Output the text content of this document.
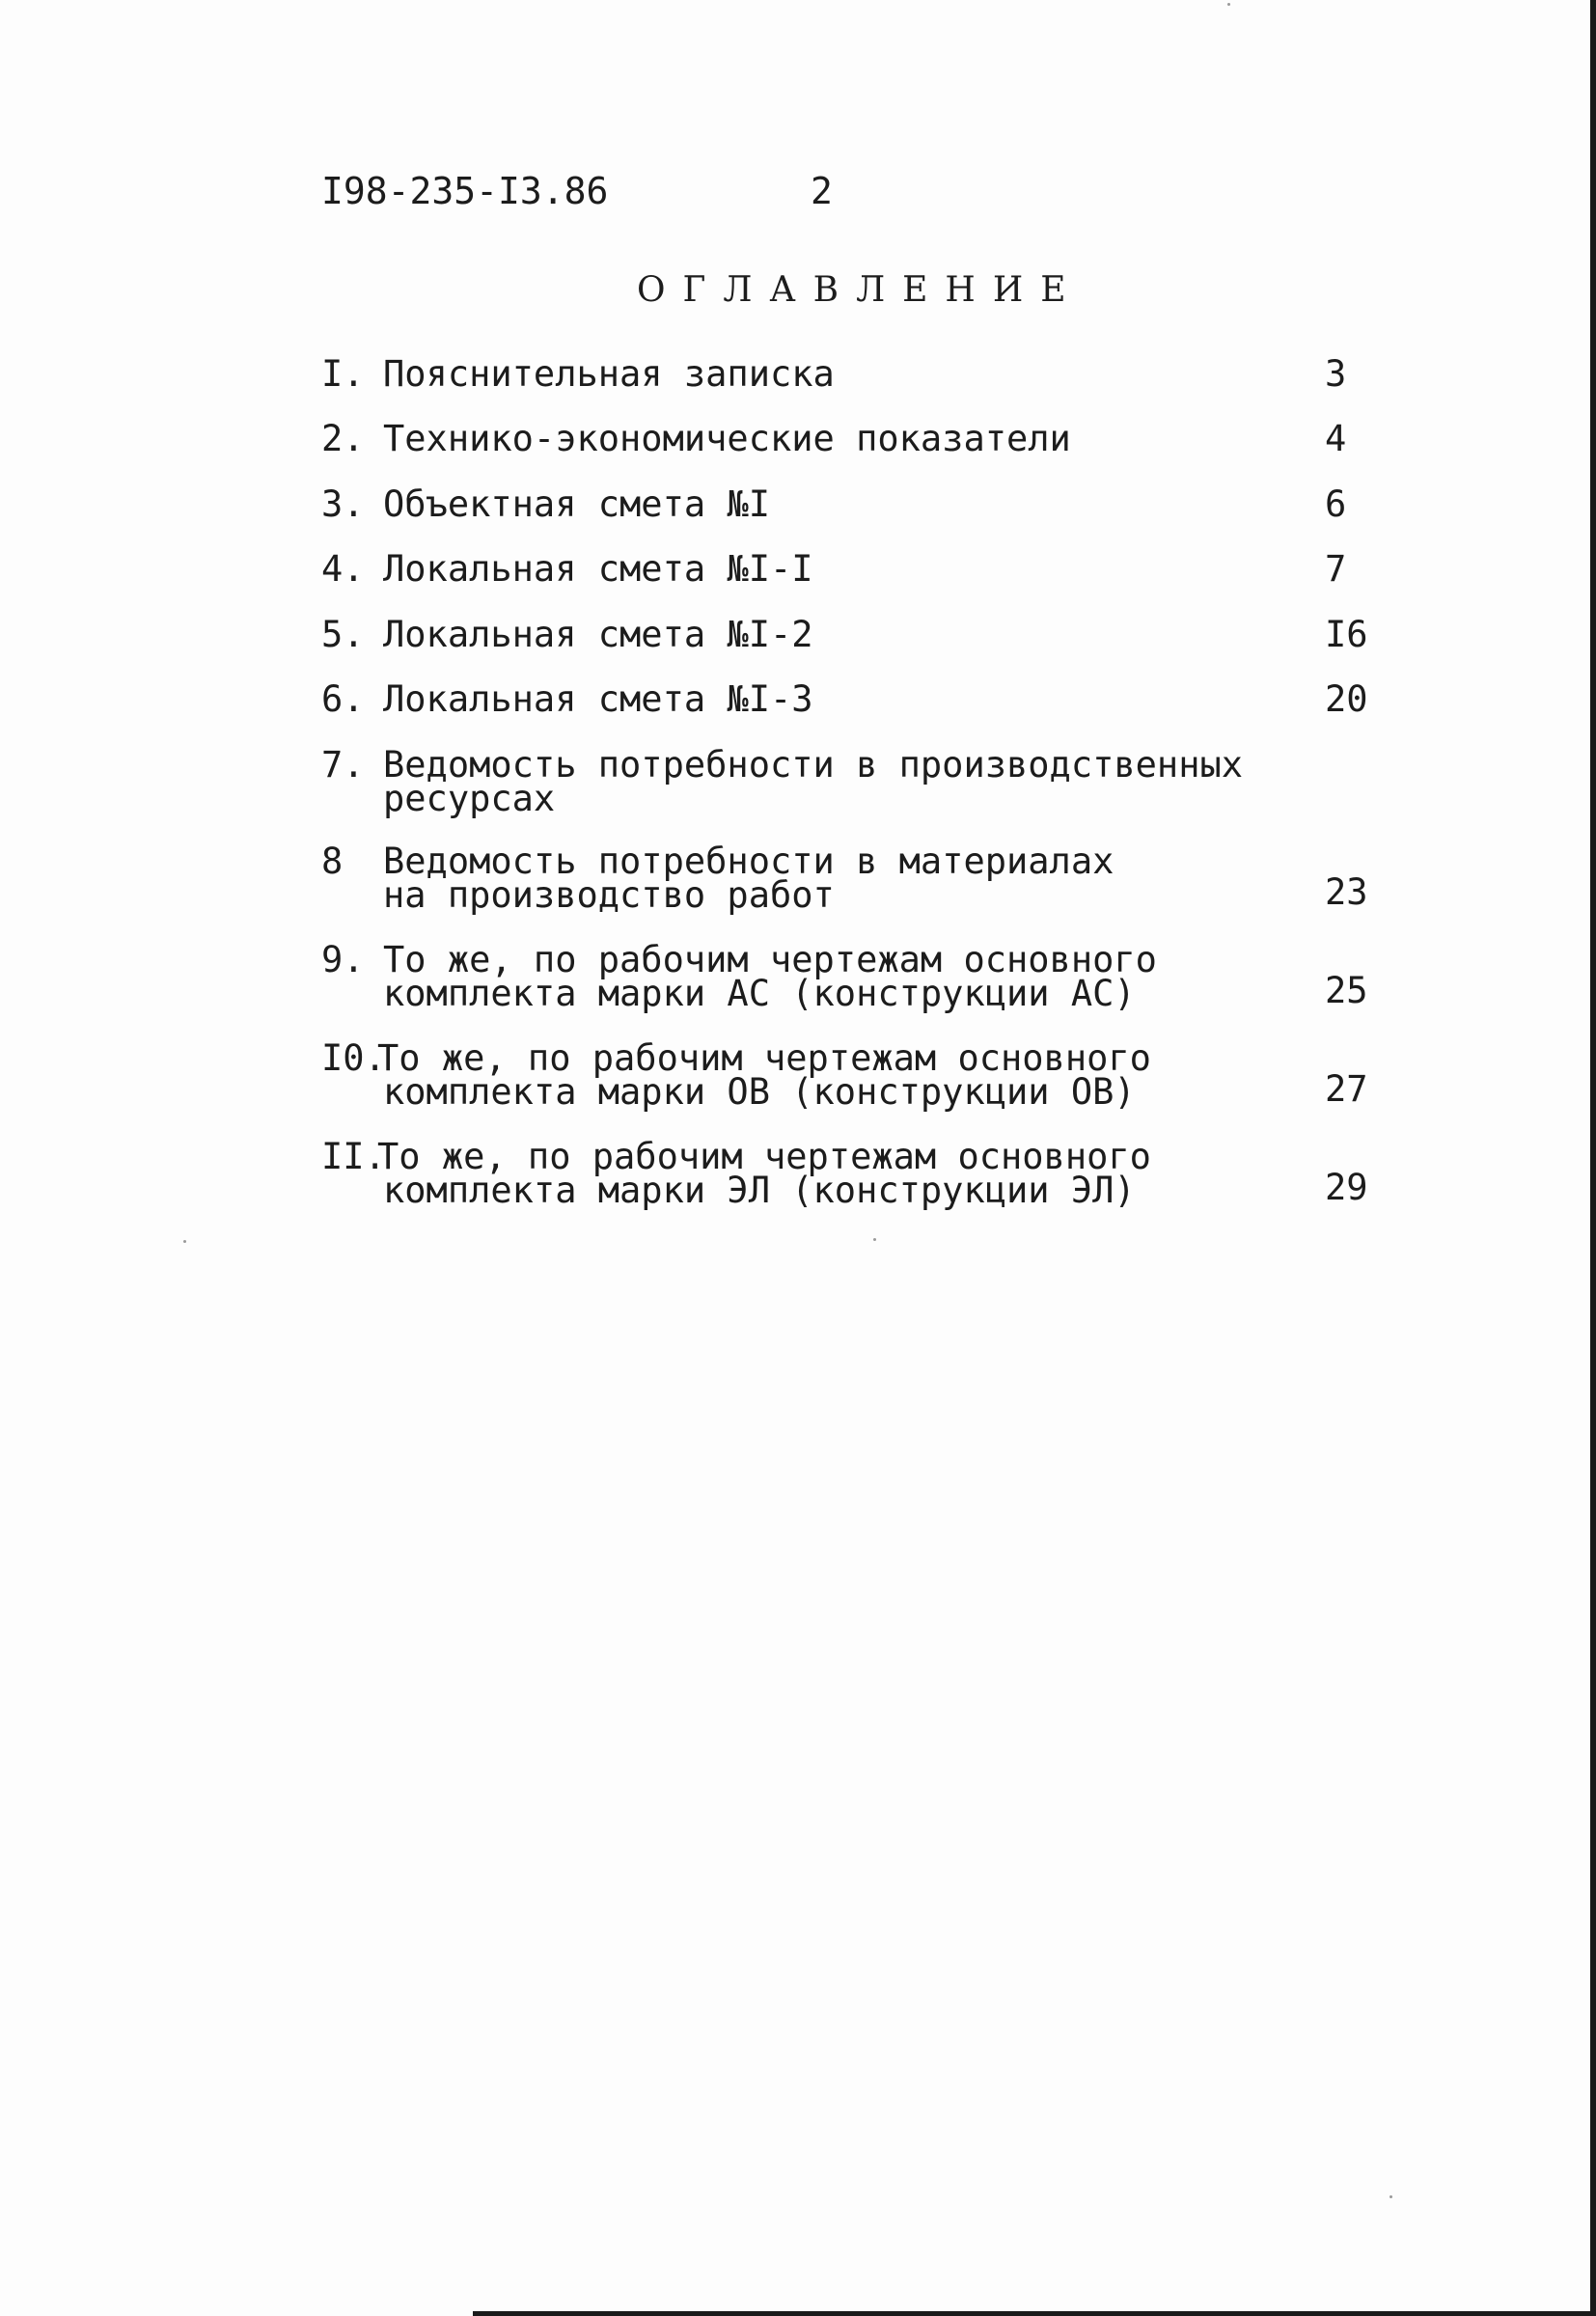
I98-235-I3.86	2
ОГЛАВЛЕНИЕ
I. Пояснительная записка	3
2. Технико-экономические показатели	4
3. Объектная смета №I	6
4. Локальная смета №I-I	7
5. Локальная смета №I-2	I6
6. Локальная смета №I-3	20
7. Ведомость потребности в производственных
ресурсах
8 Ведомость потребности в материалах
на производство работ	23
9. То же, по рабочим чертежам основного
комплекта марки АС (конструкции АС)	25
I0.
То же, по рабочим чертежам основного
комплекта марки ОВ (конструкции ОВ)	27
II.
То же, по рабочим чертежам основного
комплекта марки ЭЛ (конструкции ЭЛ)	29
